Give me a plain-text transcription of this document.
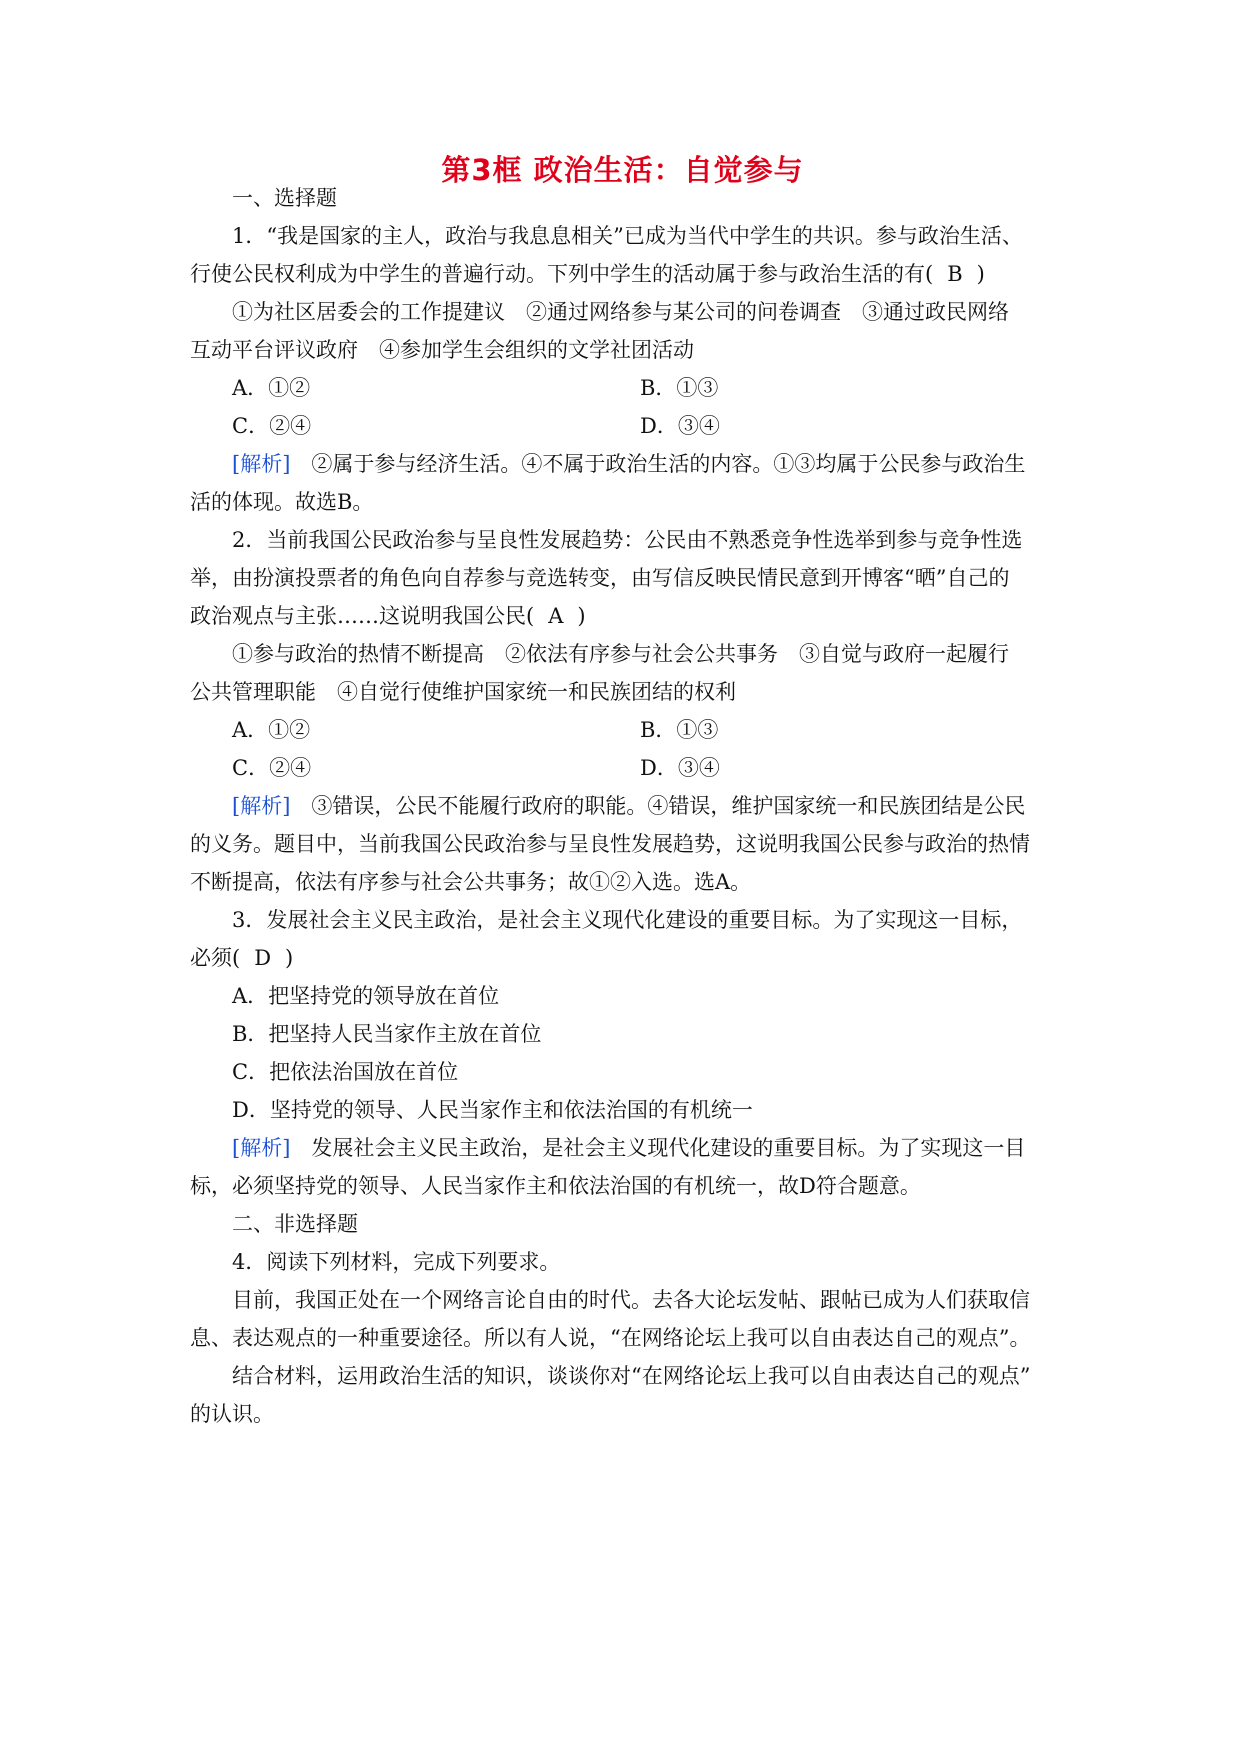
第3框 政治生活：自觉参与
一、选择题
1．“我是国家的主人，政治与我息息相关”已成为当代中学生的共识。参与政治生活、
行使公民权利成为中学生的普遍行动。下列中学生的活动属于参与政治生活的有( B )
①为社区居委会的工作提建议　②通过网络参与某公司的问卷调查　③通过政民网络
互动平台评议政府　④参加学生会组织的文学社团活动
A．①②	B．①③
C．②④	D．③④
[解析]　 ②属于参与经济生活。④不属于政治生活的内容。①③均属于公民参与政治生
活的体现。故选B。
2．当前我国公民政治参与呈良性发展趋势：公民由不熟悉竞争性选举到参与竞争性选
举，由扮演投票者的角色向自荐参与竞选转变，由写信反映民情民意到开博客“晒”自己的
政治观点与主张……这说明我国公民( A )
①参与政治的热情不断提高　②依法有序参与社会公共事务　③自觉与政府一起履行
公共管理职能　④自觉行使维护国家统一和民族团结的权利
A．①②	B．①③
C．②④	D．③④
[解析]　 ③错误，公民不能履行政府的职能。④错误，维护国家统一和民族团结是公民
的义务。题目中，当前我国公民政治参与呈良性发展趋势，这说明我国公民参与政治的热情
不断提高，依法有序参与社会公共事务；故①②入选。选A。
3．发展社会主义民主政治，是社会主义现代化建设的重要目标。为了实现这一目标，
必须( D )
A．把坚持党的领导放在首位
B．把坚持人民当家作主放在首位
C．把依法治国放在首位
D．坚持党的领导、人民当家作主和依法治国的有机统一
[解析]　 发展社会主义民主政治，是社会主义现代化建设的重要目标。为了实现这一目
标，必须坚持党的领导、人民当家作主和依法治国的有机统一，故D符合题意。
二、非选择题
4．阅读下列材料，完成下列要求。
目前，我国正处在一个网络言论自由的时代。去各大论坛发帖、跟帖已成为人们获取信
息、表达观点的一种重要途径。所以有人说，“在网络论坛上我可以自由表达自己的观点”。
结合材料，运用政治生活的知识，谈谈你对“在网络论坛上我可以自由表达自己的观点”
的认识。
